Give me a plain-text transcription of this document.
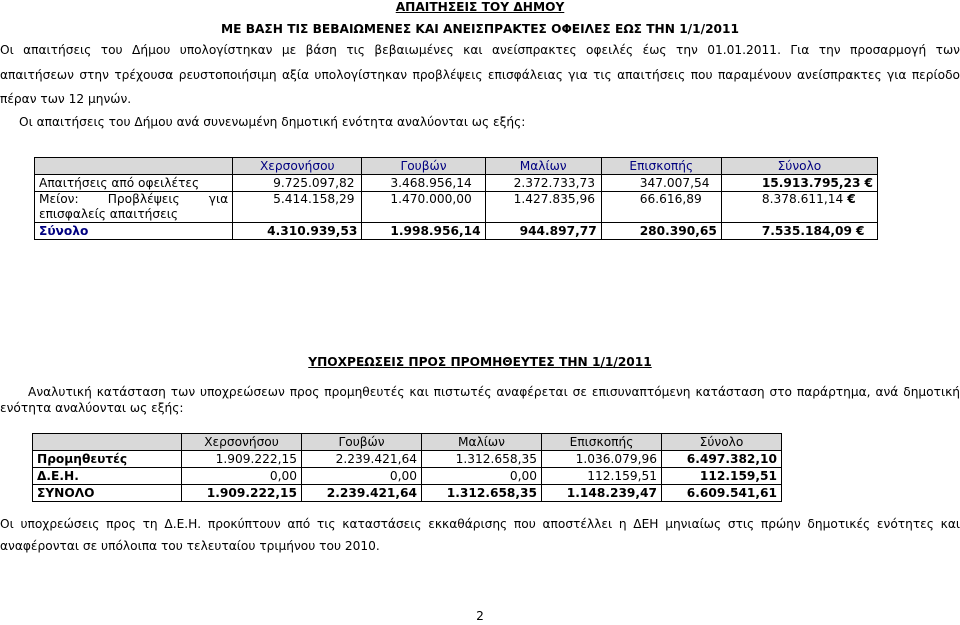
ΑΠΑΙΤΗΣΕΙΣ ΤΟΥ ΔΗΜΟΥ
ΜΕ ΒΑΣΗ ΤΙΣ ΒΕΒΑΙΩΜΕΝΕΣ ΚΑΙ ΑΝΕΙΣΠΡΑΚΤΕΣ ΟΦΕΙΛΕΣ ΕΩΣ ΤΗΝ 1/1/2011
Οι απαιτήσεις του Δήμου υπολογίστηκαν με βάση τις βεβαιωμένες και ανείσπρακτες οφειλές έως την 01.01.2011. Για την προσαρμογή των
απαιτήσεων στην τρέχουσα ρευστοποιήσιμη αξία υπολογίστηκαν προβλέψεις επισφάλειας για τις απαιτήσεις που παραμένουν ανείσπρακτες για περίοδο
πέραν των 12 μηνών.
Οι απαιτήσεις του Δήμου ανά συνενωμένη δημοτική ενότητα αναλύονται ως εξής:
	Χερσονήσου	Γουβών	Μαλίων	Επισκοπής	Σύνολο
Απαιτήσεις από οφειλέτες	9.725.097,82	3.468.956,14	2.372.733,73	347.007,54	15.913.795,23 €

Μείον: Προβλέψεις για
επισφαλείς απαιτήσεις	5.414.158,29	1.470.000,00	1.427.835,96	66.616,89	8.378.611,14 €
Σύνολο	4.310.939,53	1.998.956,14	944.897,77	280.390,65	7.535.184,09 €
ΥΠΟΧΡΕΩΣΕΙΣ ΠΡΟΣ ΠΡΟΜΗΘΕΥΤΕΣ ΤΗΝ 1/1/2011
Αναλυτική κατάσταση των υποχρεώσεων προς προμηθευτές και πιστωτές αναφέρεται σε επισυναπτόμενη κατάσταση στο παράρτημα, ανά δημοτική
ενότητα αναλύονται ως εξής:
	Χερσονήσου	Γουβών	Μαλίων	Επισκοπής	Σύνολο
Προμηθευτές	1.909.222,15	2.239.421,64	1.312.658,35	1.036.079,96	6.497.382,10
Δ.Ε.Η.	0,00	0,00	0,00	112.159,51	112.159,51
ΣΥΝΟΛΟ	1.909.222,15	2.239.421,64	1.312.658,35	1.148.239,47	6.609.541,61
Οι υποχρεώσεις προς τη Δ.Ε.Η. προκύπτουν από τις καταστάσεις εκκαθάρισης που αποστέλλει η ΔΕΗ μηνιαίως στις πρώην δημοτικές ενότητες και
αναφέρονται σε υπόλοιπα του τελευταίου τριμήνου του 2010.
2
